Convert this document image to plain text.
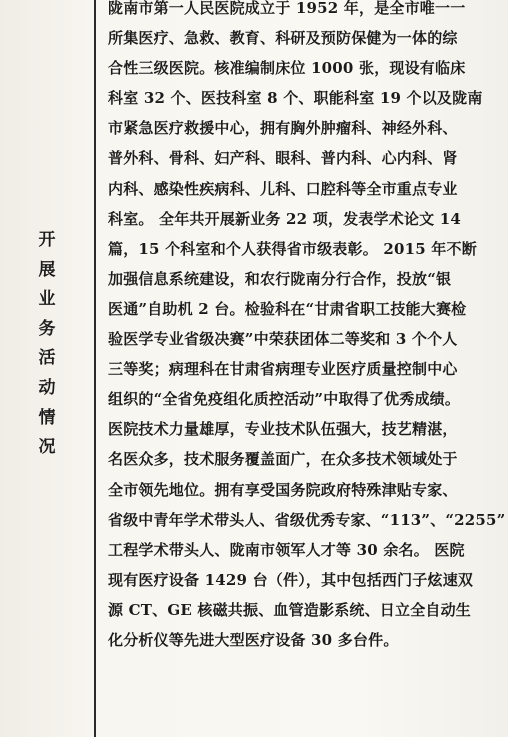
开
展
业
务
活
动
情
况
陇南市第一人民医院成立于 1952 年，是全市唯一一
所集医疗、急救、教育、科研及预防保健为一体的综
合性三级医院。核准编制床位 1000 张，现设有临床
科室 32 个、医技科室 8 个、职能科室 19 个以及陇南
市紧急医疗救援中心，拥有胸外肿瘤科、神经外科、
普外科、骨科、妇产科、眼科、普内科、心内科、肾
内科、感染性疾病科、儿科、口腔科等全市重点专业
科室。 全年共开展新业务 22 项，发表学术论文 14
篇，15 个科室和个人获得省市级表彰。 2015 年不断
加强信息系统建设，和农行陇南分行合作，投放“银
医通”自助机 2 台。检验科在“甘肃省职工技能大赛检
验医学专业省级决赛”中荣获团体二等奖和 3 个个人
三等奖；病理科在甘肃省病理专业医疗质量控制中心
组织的“全省免疫组化质控活动”中取得了优秀成绩。
医院技术力量雄厚，专业技术队伍强大，技艺精湛，
名医众多，技术服务覆盖面广，在众多技术领域处于
全市领先地位。拥有享受国务院政府特殊津贴专家、
省级中青年学术带头人、省级优秀专家、“113”、“2255”
工程学术带头人、陇南市领军人才等 30 余名。 医院
现有医疗设备 1429 台（件），其中包括西门子炫速双
源 CT、GE 核磁共振、血管造影系统、日立全自动生
化分析仪等先进大型医疗设备 30 多台件。
